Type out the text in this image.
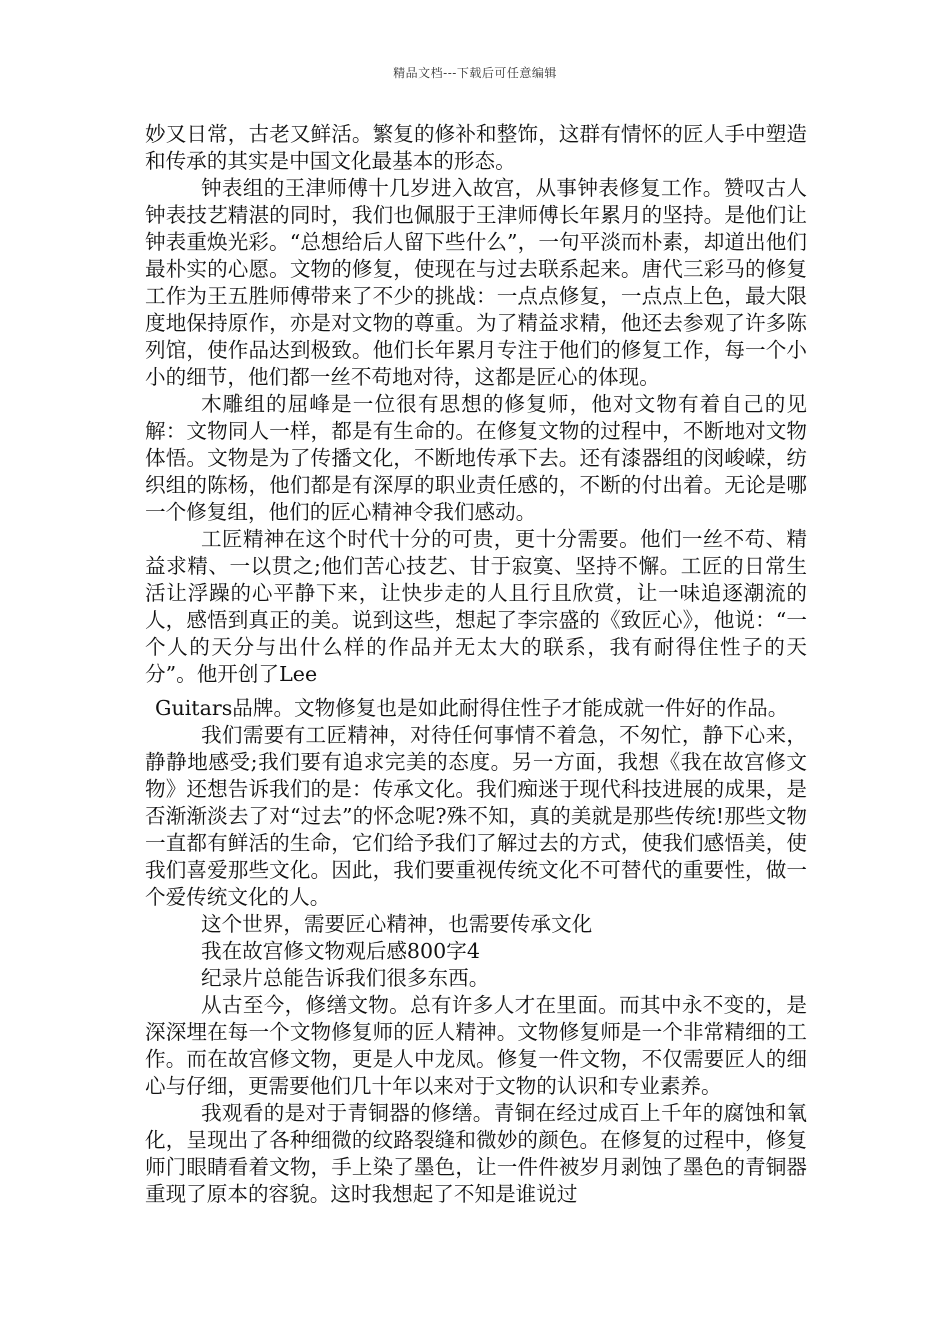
精品文档---下载后可任意编辑

妙又日常，古老又鲜活。繁复的修补和整饰，这群有情怀的匠人手中塑造和传承的其实是中国文化最基本的形态。

钟表组的王津师傅十几岁进入故宫，从事钟表修复工作。赞叹古人钟表技艺精湛的同时，我们也佩服于王津师傅长年累月的坚持。是他们让钟表重焕光彩。“总想给后人留下些什么”，一句平淡而朴素，却道出他们最朴实的心愿。文物的修复，使现在与过去联系起来。唐代三彩马的修复工作为王五胜师傅带来了不少的挑战：一点点修复，一点点上色，最大限度地保持原作，亦是对文物的尊重。为了精益求精，他还去参观了许多陈列馆，使作品达到极致。他们长年累月专注于他们的修复工作，每一个小小的细节，他们都一丝不苟地对待，这都是匠心的体现。

木雕组的屈峰是一位很有思想的修复师，他对文物有着自己的见解：文物同人一样，都是有生命的。在修复文物的过程中，不断地对文物体悟。文物是为了传播文化，不断地传承下去。还有漆器组的闵峻嵘，纺织组的陈杨，他们都是有深厚的职业责任感的，不断的付出着。无论是哪一个修复组，他们的匠心精神令我们感动。

工匠精神在这个时代十分的可贵，更十分需要。他们一丝不苟、精益求精、一以贯之;他们苦心技艺、甘于寂寞、坚持不懈。工匠的日常生活让浮躁的心平静下来，让快步走的人且行且欣赏，让一味追逐潮流的人，感悟到真正的美。说到这些，想起了李宗盛的《致匠心》，他说：“一个人的天分与出什么样的作品并无太大的联系，我有耐得住性子的天分”。他开创了Lee

Guitars品牌。文物修复也是如此耐得住性子才能成就一件好的作品。

我们需要有工匠精神，对待任何事情不着急，不匆忙，静下心来，静静地感受;我们要有追求完美的态度。另一方面，我想《我在故宫修文物》还想告诉我们的是：传承文化。我们痴迷于现代科技进展的成果，是否渐渐淡去了对“过去”的怀念呢?殊不知，真的美就是那些传统!那些文物一直都有鲜活的生命，它们给予我们了解过去的方式，使我们感悟美，使我们喜爱那些文化。因此，我们要重视传统文化不可替代的重要性，做一个爱传统文化的人。

这个世界，需要匠心精神，也需要传承文化

我在故宫修文物观后感800字4

纪录片总能告诉我们很多东西。

从古至今，修缮文物。总有许多人才在里面。而其中永不变的，是深深埋在每一个文物修复师的匠人精神。文物修复师是一个非常精细的工作。而在故宫修文物，更是人中龙凤。修复一件文物，不仅需要匠人的细心与仔细，更需要他们几十年以来对于文物的认识和专业素养。

我观看的是对于青铜器的修缮。青铜在经过成百上千年的腐蚀和氧化，呈现出了各种细微的纹路裂缝和微妙的颜色。在修复的过程中，修复师门眼睛看着文物，手上染了墨色，让一件件被岁月剥蚀了墨色的青铜器重现了原本的容貌。这时我想起了不知是谁说过
